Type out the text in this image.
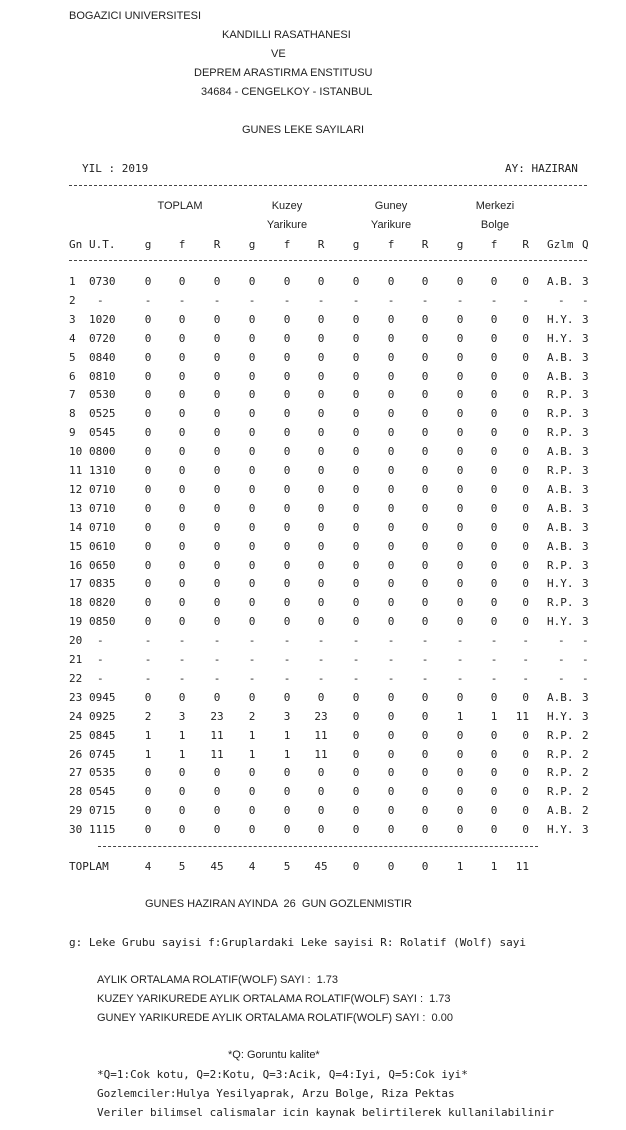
BOGAZICI UNIVERSITESI
KANDILLI RASATHANESI
VE
DEPREM ARASTIRMA ENSTITUSU
34684 - CENGELKOY - ISTANBUL
GUNES LEKE SAYILARI
YIL : 2019	AY: HAZIRAN
TOPLAM	Kuzey
Yarikure
Guney
Yarikure
Merkezi
Bolge
Gn U.T.	g	f	R	g	f	R	g	f	R	g	f	R Gzlm Q
1 0730	0	0	0	0	0	0	0	0	0	0	0	0 A.B. 3
2 -	-	-	-	-	-	-	-	-	-	-	-	-	- -
3 1020	0	0	0	0	0	0	0	0	0	0	0	0 H.Y. 3
4 0720	0	0	0	0	0	0	0	0	0	0	0	0 H.Y. 3
5 0840	0	0	0	0	0	0	0	0	0	0	0	0 A.B. 3
6 0810	0	0	0	0	0	0	0	0	0	0	0	0 A.B. 3
7 0530	0	0	0	0	0	0	0	0	0	0	0	0 R.P. 3
8 0525	0	0	0	0	0	0	0	0	0	0	0	0 R.P. 3
9 0545	0	0	0	0	0	0	0	0	0	0	0	0 R.P. 3
10 0800	0	0	0	0	0	0	0	0	0	0	0	0 A.B. 3
11 1310	0	0	0	0	0	0	0	0	0	0	0	0 R.P. 3
12 0710	0	0	0	0	0	0	0	0	0	0	0	0 A.B. 3
13 0710	0	0	0	0	0	0	0	0	0	0	0	0 A.B. 3
14 0710	0	0	0	0	0	0	0	0	0	0	0	0 A.B. 3
15 0610	0	0	0	0	0	0	0	0	0	0	0	0 A.B. 3
16 0650	0	0	0	0	0	0	0	0	0	0	0	0 R.P. 3
17 0835	0	0	0	0	0	0	0	0	0	0	0	0 H.Y. 3
18 0820	0	0	0	0	0	0	0	0	0	0	0	0 R.P. 3
19 0850	0	0	0	0	0	0	0	0	0	0	0	0 H.Y. 3
20 -	-	-	-	-	-	-	-	-	-	-	-	-	- -
21 -	-	-	-	-	-	-	-	-	-	-	-	-	- -
22 -	-	-	-	-	-	-	-	-	-	-	-	-	- -
23 0945	0	0	0	0	0	0	0	0	0	0	0	0 A.B. 3
24 0925	2	3	23	2	3	23	0	0	0	1	1	11 H.Y. 3
25 0845	1	1	11	1	1	11	0	0	0	0	0	0 R.P. 2
26 0745	1	1	11	1	1	11	0	0	0	0	0	0 R.P. 2
27 0535	0	0	0	0	0	0	0	0	0	0	0	0 R.P. 2
28 0545	0	0	0	0	0	0	0	0	0	0	0	0 R.P. 2
29 0715	0	0	0	0	0	0	0	0	0	0	0	0 A.B. 2
30 1115	0	0	0	0	0	0	0	0	0	0	0	0 H.Y. 3
TOPLAM	4	5	45	4	5	45	0	0	0	1	1	11
GUNES HAZIRAN AYINDA  26  GUN GOZLENMISTIR
g: Leke Grubu sayisi f:Gruplardaki Leke sayisi R: Rolatif (Wolf) sayi
AYLIK ORTALAMA ROLATIF(WOLF) SAYI :  1.73
KUZEY YARIKUREDE AYLIK ORTALAMA ROLATIF(WOLF) SAYI :  1.73
GUNEY YARIKUREDE AYLIK ORTALAMA ROLATIF(WOLF) SAYI :  0.00
*Q: Goruntu kalite*
*Q=1:Cok kotu, Q=2:Kotu, Q=3:Acik, Q=4:Iyi, Q=5:Cok iyi*
Gozlemciler:Hulya Yesilyaprak, Arzu Bolge, Riza Pektas
Veriler bilimsel calismalar icin kaynak belirtilerek kullanilabilinir
